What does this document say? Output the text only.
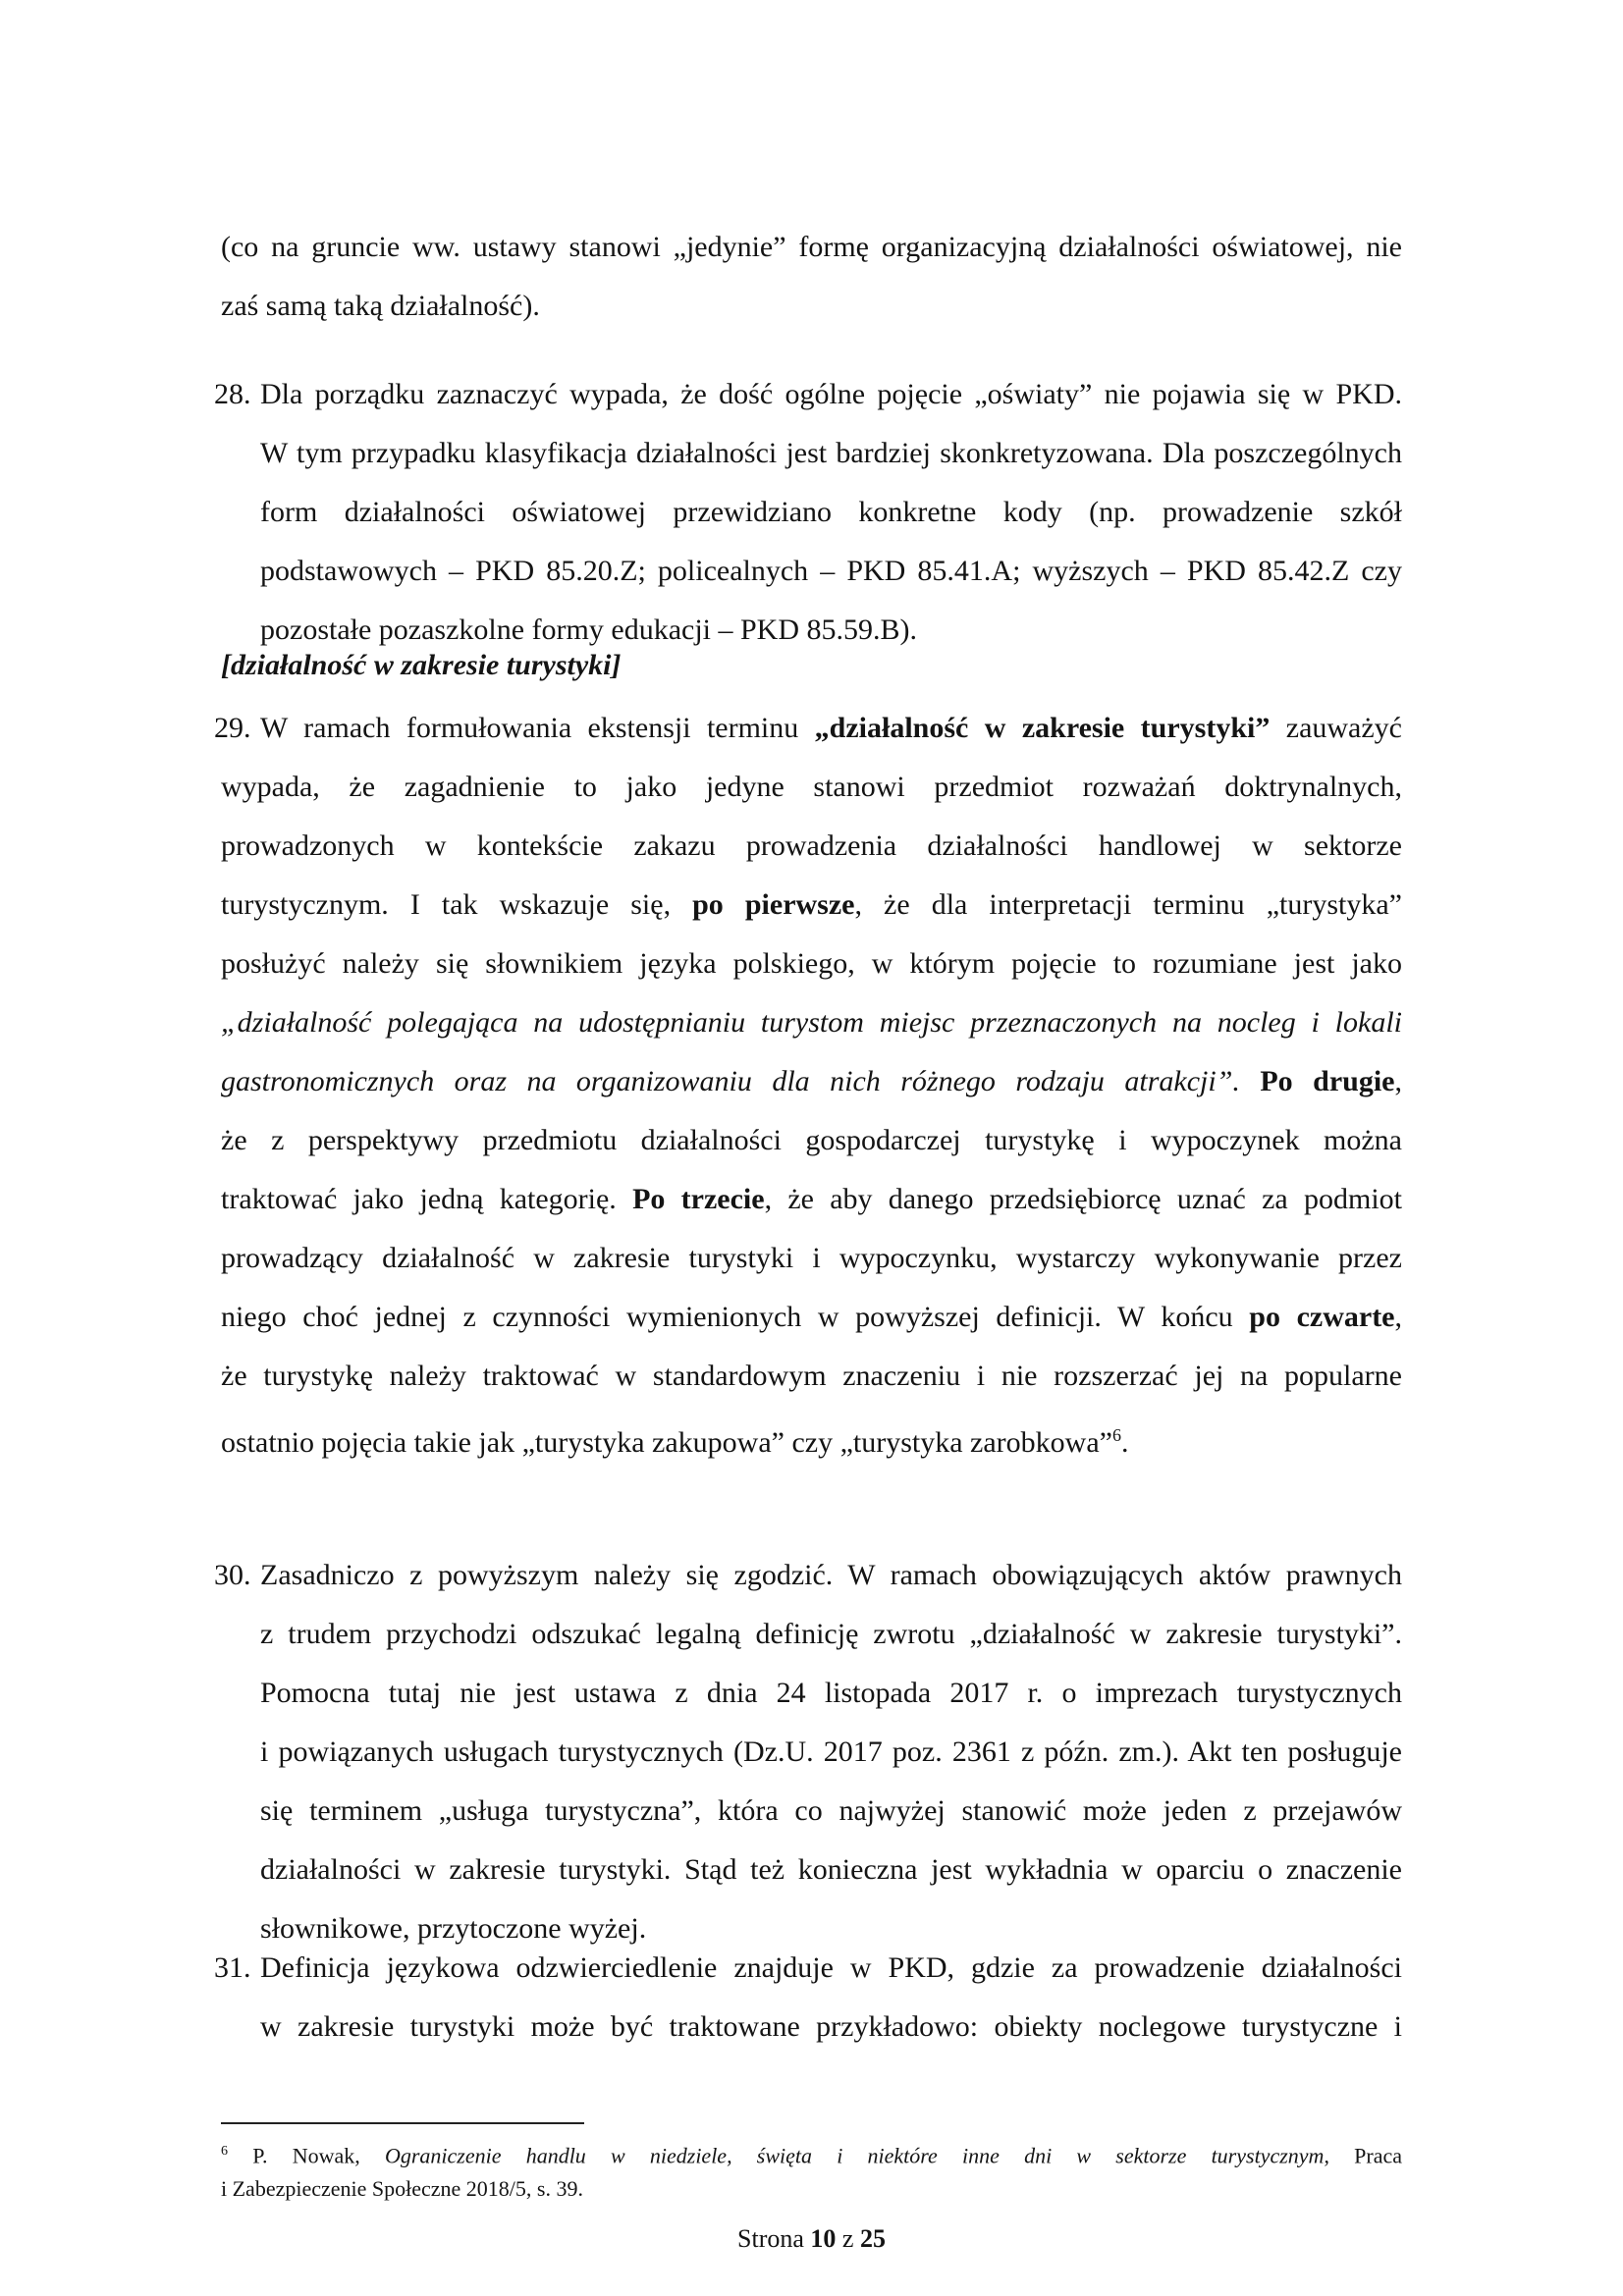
(co na gruncie ww. ustawy stanowi „jedynie” formę organizacyjną działalności oświatowej, nie

zaś samą taką działalność).

28. Dla porządku zaznaczyć wypada, że dość ogólne pojęcie „oświaty” nie pojawia się w PKD.

W tym przypadku klasyfikacja działalności jest bardziej skonkretyzowana. Dla poszczególnych

form działalności oświatowej przewidziano konkretne kody (np. prowadzenie szkół

podstawowych – PKD 85.20.Z; policealnych – PKD 85.41.A; wyższych – PKD 85.42.Z czy

pozostałe pozaszkolne formy edukacji – PKD 85.59.B).

[działalność w zakresie turystyki]
29. W ramach formułowania ekstensji terminu „działalność w zakresie turystyki” zauważyć

wypada, że zagadnienie to jako jedyne stanowi przedmiot rozważań doktrynalnych,

prowadzonych w kontekście zakazu prowadzenia działalności handlowej w sektorze

turystycznym. I tak wskazuje się, po pierwsze, że dla interpretacji terminu „turystyka”

posłużyć należy się słownikiem języka polskiego, w którym pojęcie to rozumiane jest jako

„działalność polegająca na udostępnianiu turystom miejsc przeznaczonych na nocleg i lokali

gastronomicznych oraz na organizowaniu dla nich różnego rodzaju atrakcji”. Po drugie,

że z perspektywy przedmiotu działalności gospodarczej turystykę i wypoczynek można

traktować jako jedną kategorię. Po trzecie, że aby danego przedsiębiorcę uznać za podmiot

prowadzący działalność w zakresie turystyki i wypoczynku, wystarczy wykonywanie przez

niego choć jednej z czynności wymienionych w powyższej definicji. W końcu po czwarte,

że turystykę należy traktować w standardowym znaczeniu i nie rozszerzać jej na popularne

ostatnio pojęcia takie jak „turystyka zakupowa” czy „turystyka zarobkowa”$^6$.

30. Zasadniczo z powyższym należy się zgodzić. W ramach obowiązujących aktów prawnych

z trudem przychodzi odszukać legalną definicję zwrotu „działalność w zakresie turystyki”.

Pomocna tutaj nie jest ustawa z dnia 24 listopada 2017 r. o imprezach turystycznych

i powiązanych usługach turystycznych (Dz.U. 2017 poz. 2361 z późn. zm.). Akt ten posługuje

się terminem „usługa turystyczna”, która co najwyżej stanowić może jeden z przejawów

działalności w zakresie turystyki. Stąd też konieczna jest wykładnia w oparciu o znaczenie

słownikowe, przytoczone wyżej.

31. Definicja językowa odzwierciedlenie znajduje w PKD, gdzie za prowadzenie działalności

w zakresie turystyki może być traktowane przykładowo: obiekty noclegowe turystyczne i

$^6$ P. Nowak, Ograniczenie handlu w niedziele, święta i niektóre inne dni w sektorze turystycznym, Praca
i Zabezpieczenie Społeczne 2018/5, s. 39.
Strona 10 z 25
